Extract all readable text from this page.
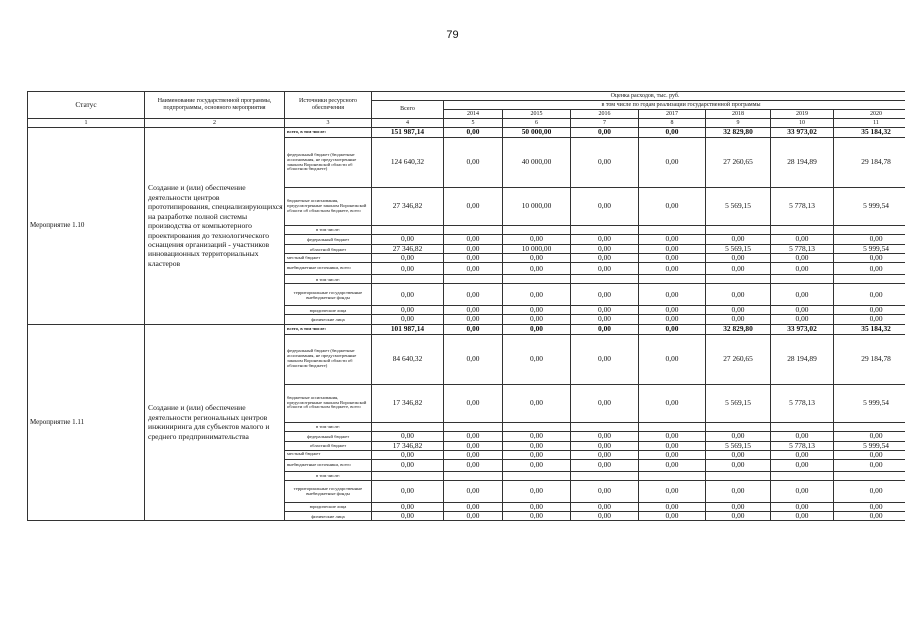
79
Статус	Наименование государственной программы, подпрограммы, основного мероприятия	Источники ресурсного обеспечения	Оценка расходов, тыс. руб.							
			Всего	в том числе по годам реализации государственной программы						
				2014	2015	2016	2017	2018	2019	2020
1	2	3	4	5	6	7	8	9	10	11
Мероприятие 1.10	Создание и (или) обеспечение деятельности центров прототипирования, специализирующихся на разработке полной системы производства от компьютерного проектирования до технологического оснащения организаций - участников инновационных территориальных кластеров	всего, в том числе:	151 987,14	0,00	50 000,00	0,00	0,00	32 829,80	33 973,02	35 184,32
		федеральный бюджет (бюджетные ассигнования, не предусмотренные законом Воронежской области об областном бюджете)	124 640,32	0,00	40 000,00	0,00	0,00	27 260,65	28 194,89	29 184,78
		бюджетные ассигнования, предусмотренные законом Воронежской области об областном бюджете, всего	27 346,82	0,00	10 000,00	0,00	0,00	5 569,15	5 778,13	5 999,54
		в том числе:								
		федеральный бюджет	0,00	0,00	0,00	0,00	0,00	0,00	0,00	0,00
		областной бюджет	27 346,82	0,00	10 000,00	0,00	0,00	5 569,15	5 778,13	5 999,54
		местный бюджет	0,00	0,00	0,00	0,00	0,00	0,00	0,00	0,00
		внебюджетные источники, всего	0,00	0,00	0,00	0,00	0,00	0,00	0,00	0,00
		в том числе:								
		территориальные государственные внебюджетные фонды	0,00	0,00	0,00	0,00	0,00	0,00	0,00	0,00
		юридические лица	0,00	0,00	0,00	0,00	0,00	0,00	0,00	0,00
		физические лица	0,00	0,00	0,00	0,00	0,00	0,00	0,00	0,00
Мероприятие 1.11	Создание и (или) обеспечение деятельности региональных центров инжиниринга для субъектов малого и среднего предпринимательства	всего, в том числе:	101 987,14	0,00	0,00	0,00	0,00	32 829,80	33 973,02	35 184,32
		федеральный бюджет (бюджетные ассигнования, не предусмотренные законом Воронежской области об областном бюджете)	84 640,32	0,00	0,00	0,00	0,00	27 260,65	28 194,89	29 184,78
		бюджетные ассигнования, предусмотренные законом Воронежской области об областном бюджете, всего	17 346,82	0,00	0,00	0,00	0,00	5 569,15	5 778,13	5 999,54
		в том числе:								
		федеральный бюджет	0,00	0,00	0,00	0,00	0,00	0,00	0,00	0,00
		областной бюджет	17 346,82	0,00	0,00	0,00	0,00	5 569,15	5 778,13	5 999,54
		местный бюджет	0,00	0,00	0,00	0,00	0,00	0,00	0,00	0,00
		внебюджетные источники, всего	0,00	0,00	0,00	0,00	0,00	0,00	0,00	0,00
		в том числе:								
		территориальные государственные внебюджетные фонды	0,00	0,00	0,00	0,00	0,00	0,00	0,00	0,00
		юридические лица	0,00	0,00	0,00	0,00	0,00	0,00	0,00	0,00
		физические лица	0,00	0,00	0,00	0,00	0,00	0,00	0,00	0,00
